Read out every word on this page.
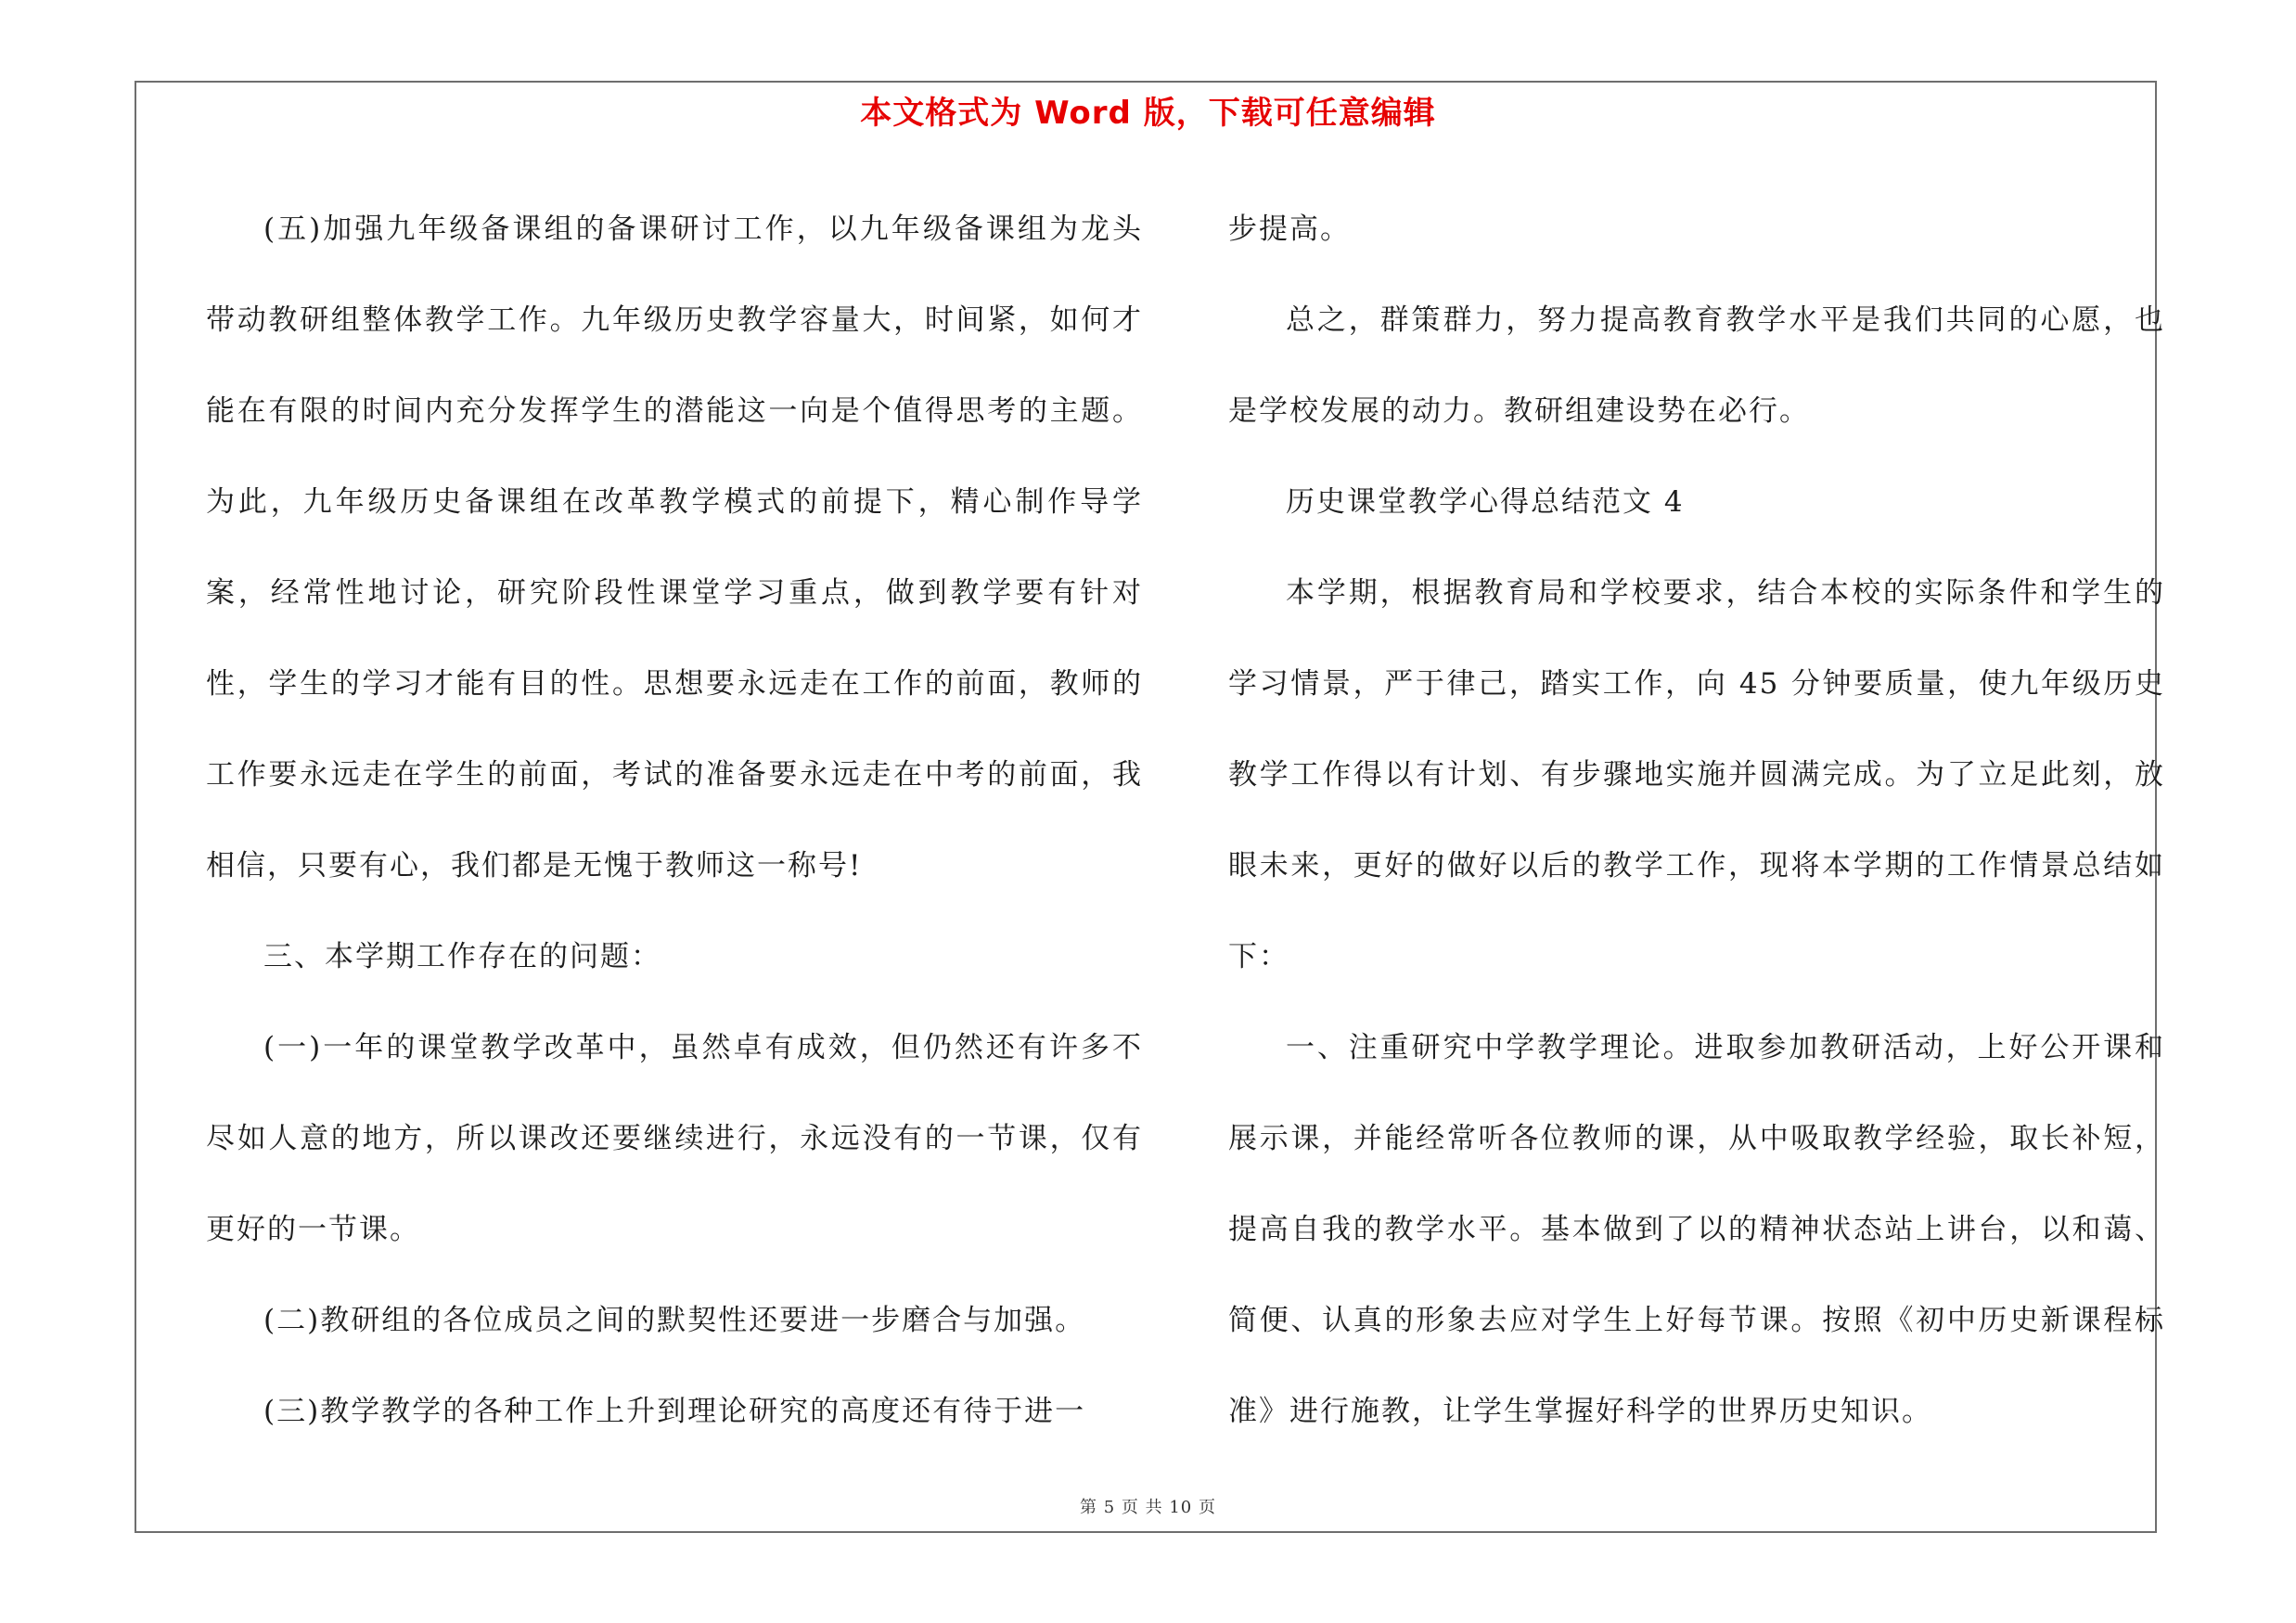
本文格式为 Word 版，下载可任意编辑

(五)加强九年级备课组的备课研讨工作，以九年级备课组为龙头带动教研组整体教学工作。九年级历史教学容量大，时间紧，如何才能在有限的时间内充分发挥学生的潜能这一向是个值得思考的主题。为此，九年级历史备课组在改革教学模式的前提下，精心制作导学案，经常性地讨论，研究阶段性课堂学习重点，做到教学要有针对性，学生的学习才能有目的性。思想要永远走在工作的前面，教师的工作要永远走在学生的前面，考试的准备要永远走在中考的前面，我相信，只要有心，我们都是无愧于教师这一称号!

三、本学期工作存在的问题：

(一)一年的课堂教学改革中，虽然卓有成效，但仍然还有许多不尽如人意的地方，所以课改还要继续进行，永远没有的一节课，仅有更好的一节课。

(二)教研组的各位成员之间的默契性还要进一步磨合与加强。

(三)教学教学的各种工作上升到理论研究的高度还有待于进一

步提高。

总之，群策群力，努力提高教育教学水平是我们共同的心愿，也是学校发展的动力。教研组建设势在必行。

历史课堂教学心得总结范文 4

本学期，根据教育局和学校要求，结合本校的实际条件和学生的学习情景，严于律己，踏实工作，向 45 分钟要质量，使九年级历史教学工作得以有计划、有步骤地实施并圆满完成。为了立足此刻，放眼未来，更好的做好以后的教学工作，现将本学期的工作情景总结如下：

一、注重研究中学教学理论。进取参加教研活动，上好公开课和展示课，并能经常听各位教师的课，从中吸取教学经验，取长补短，提高自我的教学水平。基本做到了以的精神状态站上讲台，以和蔼、简便、认真的形象去应对学生上好每节课。按照《初中历史新课程标准》进行施教，让学生掌握好科学的世界历史知识。

第 5 页 共 10 页
